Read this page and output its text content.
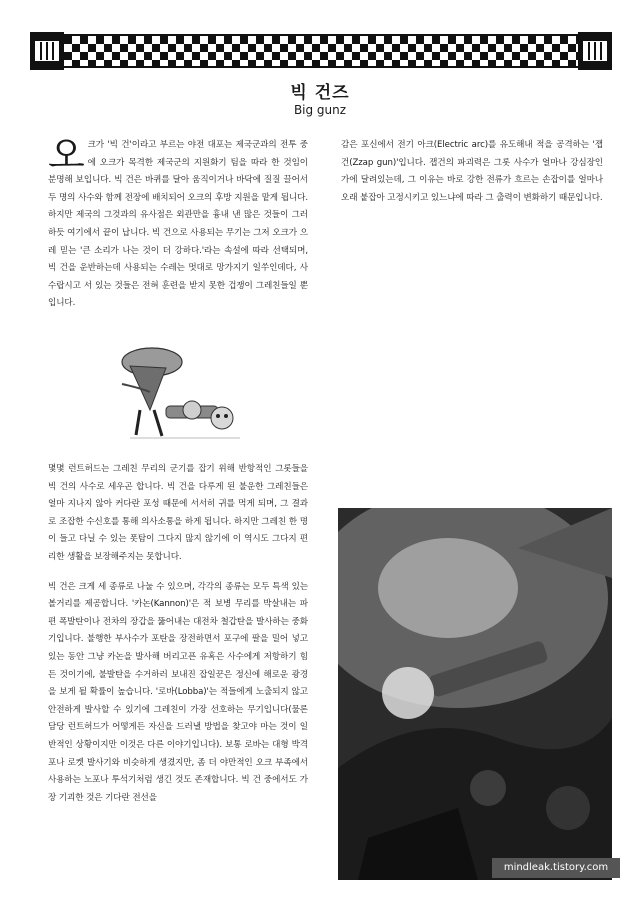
빅 건즈
Big gunz
오 크가 '빅 건'이라고 부르는 야전 대포는 제국군과의 전투 중에 오크가 목격한 제국군의 지원화기 팀을 따라 한 것임이 분명해 보입니다. 빅 건은 바퀴를 달아 움직이거나 바닥에 질질 끌어서 두 명의 사수와 함께 전장에 배치되어 오크의 후방 지원을 맡게 됩니다. 하지만 제국의 그것과의 유사점은 외관만을 흉내 낸 많은 것들이 그러하듯 여기에서 끝이 납니다. 빅 건으로 사용되는 무기는 그저 오크가 으레 믿는 '큰 소리가 나는 것이 더 강하다.'라는 속설에 따라 선택되며, 빅 건을 운반하는데 사용되는 수레는 멋대로 망가지기 일쑤인데다, 사수랍시고 서 있는 것들은 전혀 훈련을 받지 못한 겁쟁이 그레친들일 뿐입니다.

몇몇 런트허드는 그레친 무리의 군기를 잡기 위해 반항적인 그롯들을 빅 건의 사수로 세우곤 합니다. 빅 건을 다루게 된 불운한 그레친들은 얼마 지나지 않아 커다란 포성 때문에 서서히 귀를 먹게 되며, 그 결과로 조잡한 수신호를 통해 의사소통을 하게 됩니다. 하지만 그레친 한 명이 들고 다닐 수 있는 폿탐이 그다지 많지 않기에 이 역시도 그다지 편리한 생활을 보장해주지는 못합니다.

빅 건은 크게 세 종류로 나눌 수 있으며, 각각의 종류는 모두 특색 있는 볼거리를 제공합니다. '카논(Kannon)'은 적 보병 무리를 박살내는 파편 폭발탄이나 전차의 장갑을 뚫어내는 대전차 철갑탄을 발사하는 중화기입니다. 불행한 부사수가 포탄을 장전하면서 포구에 팔을 밀어 넣고 있는 동안 그냥 카논을 발사해 버리고픈 유혹은 사수에게 저항하기 힘든 것이기에, 불발탄을 수거하러 보내진 잡일꾼은 정신에 해로운 광경을 보게 될 확률이 높습니다. '로바(Lobba)'는 적들에게 노출되지 않고 안전하게 발사할 수 있기에 그레친이 가장 선호하는 무기입니다(물론 담당 런트허드가 어떻게든 자신을 드러낼 방법을 찾고야 마는 것이 일반적인 상황이지만 이것은 다른 이야기입니다). 보통 로바는 대형 박격포나 로켓 발사기와 비슷하게 생겼지만, 좀 더 야만적인 오크 부족에서 사용하는 노포나 투석기처럼 생긴 것도 존재합니다. 빅 건 중에서도 가장 기괴한 것은 기다란 전선을

감은 포신에서 전기 아크(Electric arc)를 유도해내 적을 공격하는 '잽건(Zzap gun)'입니다. 잽건의 파괴력은 그롯 사수가 얼마나 강심장인가에 달려있는데, 그 이유는 바로 강한 전류가 흐르는 손잡이를 얼마나 오래 붙잡아 고정시키고 있느냐에 따라 그 출력이 변화하기 때문입니다.

mindleak.tistory.com
